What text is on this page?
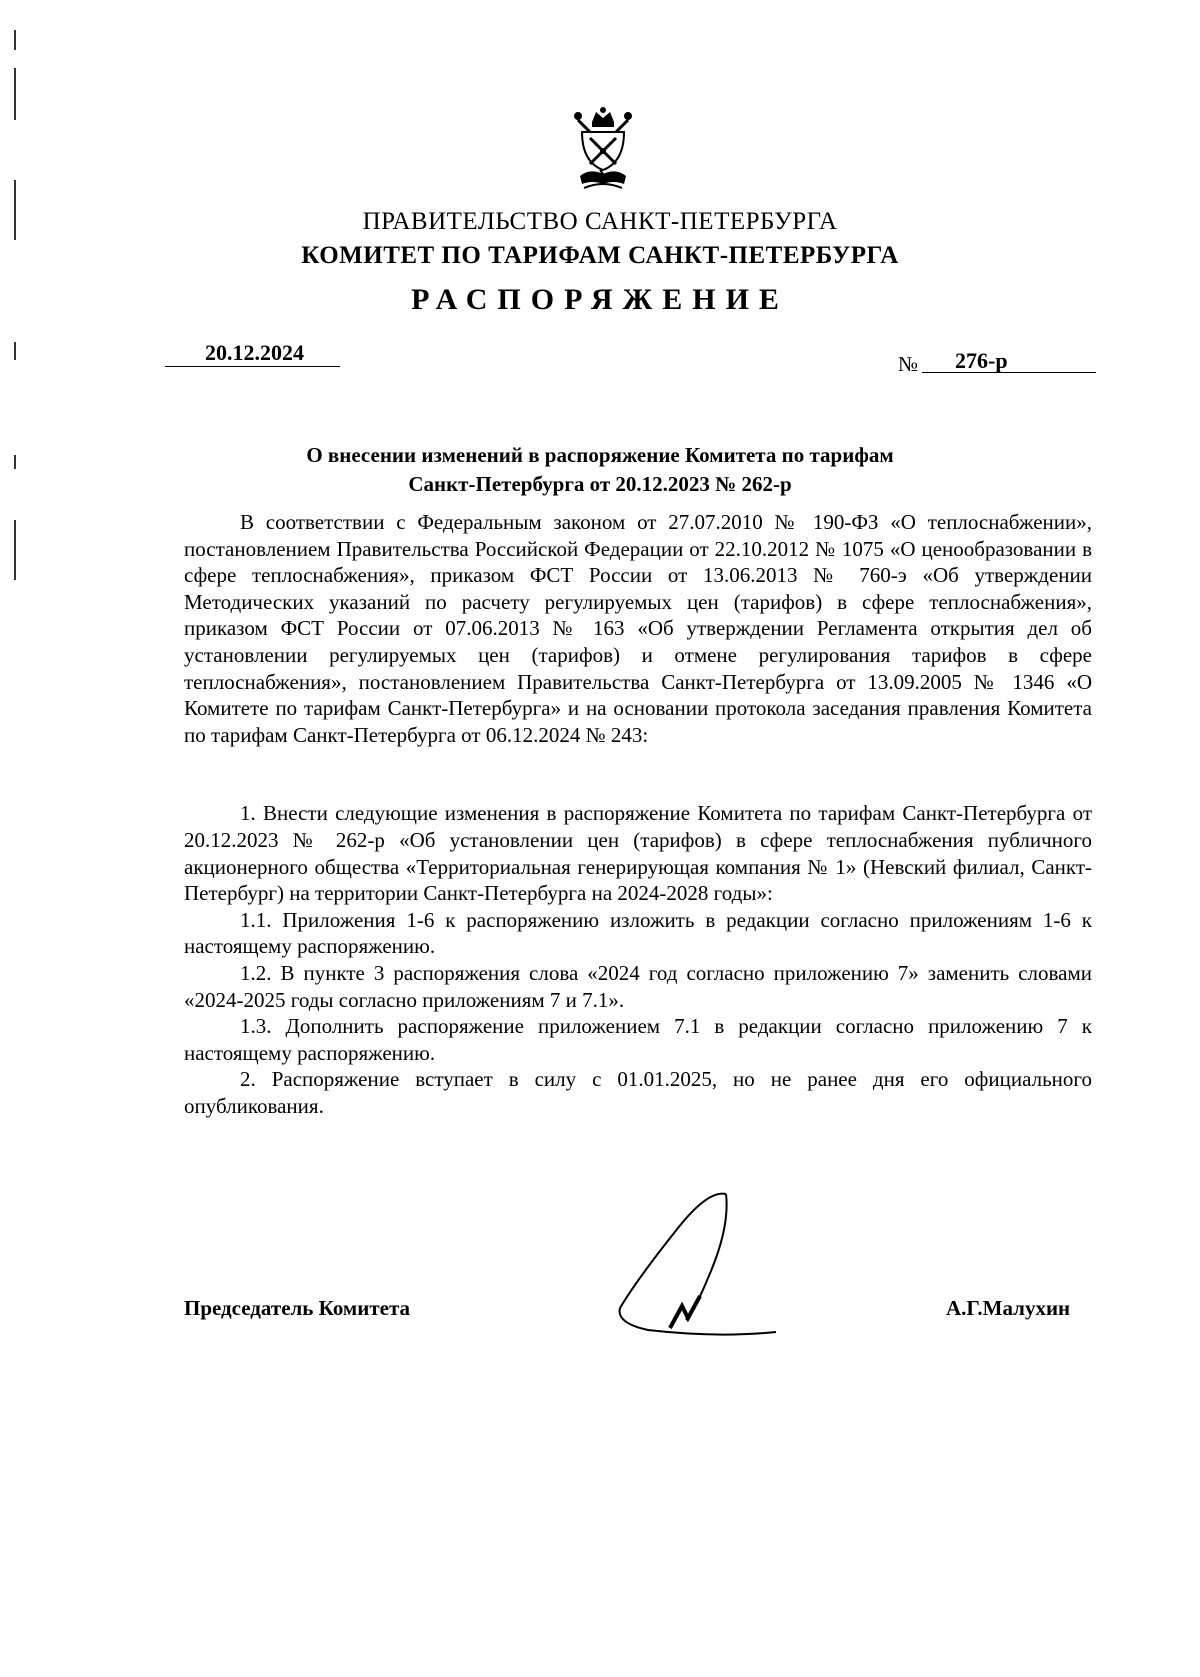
ПРАВИТЕЛЬСТВО САНКТ-ПЕТЕРБУРГА
КОМИТЕТ ПО ТАРИФАМ САНКТ-ПЕТЕРБУРГА
РАСПОРЯЖЕНИЕ
20.12.2024	№ 276-р
О внесении изменений в распоряжение Комитета по тарифам
Санкт-Петербурга от 20.12.2023 № 262-р

В соответствии с Федеральным законом от 27.07.2010 № 190-ФЗ «О теплоснабжении», постановлением Правительства Российской Федерации от 22.10.2012 № 1075 «О ценообразовании в сфере теплоснабжения», приказом ФСТ России от 13.06.2013 № 760-э «Об утверждении Методических указаний по расчету регулируемых цен (тарифов) в сфере теплоснабжения», приказом ФСТ России от 07.06.2013 № 163 «Об утверждении Регламента открытия дел об установлении регулируемых цен (тарифов) и отмене регулирования тарифов в сфере теплоснабжения», постановлением Правительства Санкт-Петербурга от 13.09.2005 № 1346 «О Комитете по тарифам Санкт-Петербурга» и на основании протокола заседания правления Комитета по тарифам Санкт-Петербурга от 06.12.2024 № 243:

1. Внести следующие изменения в распоряжение Комитета по тарифам Санкт-Петербурга от 20.12.2023 № 262-р «Об установлении цен (тарифов) в сфере теплоснабжения публичного акционерного общества «Территориальная генерирующая компания № 1» (Невский филиал, Санкт-Петербург) на территории Санкт-Петербурга на 2024-2028 годы»:

1.1. Приложения 1-6 к распоряжению изложить в редакции согласно приложениям 1-6 к настоящему распоряжению.

1.2. В пункте 3 распоряжения слова «2024 год согласно приложению 7» заменить словами «2024-2025 годы согласно приложениям 7 и 7.1».

1.3. Дополнить распоряжение приложением 7.1 в редакции согласно приложению 7 к настоящему распоряжению.

2. Распоряжение вступает в силу с 01.01.2025, но не ранее дня его официального опубликования.

Председатель Комитета	А.Г.Малухин
